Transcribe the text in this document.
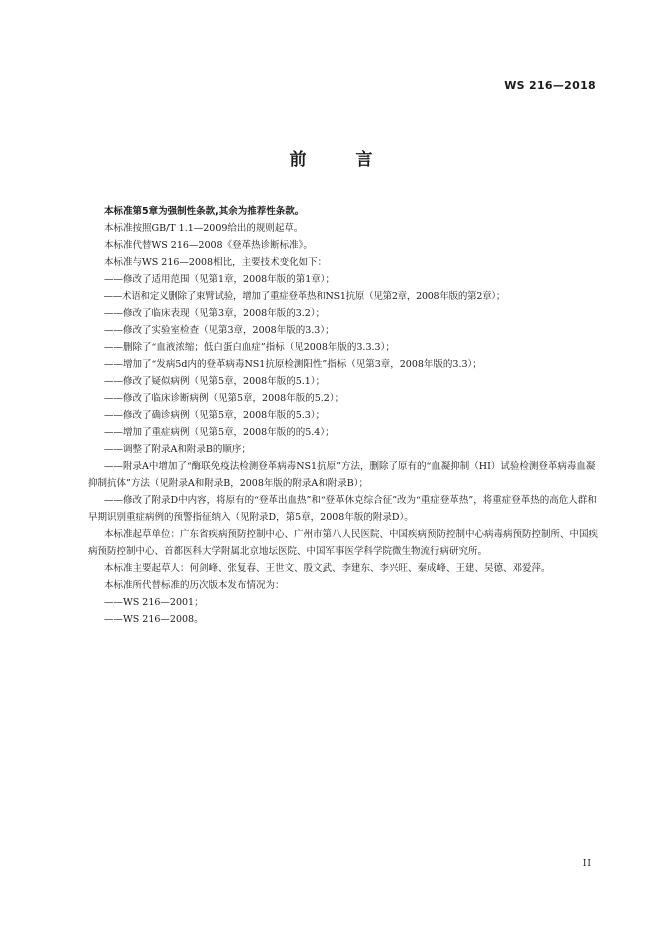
WS 216—2018

前　言

本标准第5章为强制性条款,其余为推荐性条款。

本标准按照GB/T 1.1—2009给出的规则起草。

本标准代替WS 216—2008《登革热诊断标准》。

本标准与WS 216—2008相比，主要技术变化如下：

——修改了适用范围（见第1章，2008年版的第1章）；

——术语和定义删除了束臂试验，增加了重症登革热和NS1抗原（见第2章，2008年版的第2章）；

——修改了临床表现（见第3章，2008年版的3.2）；

——修改了实验室检查（见第3章，2008年版的3.3）；

——删除了“血液浓缩；低白蛋白血症”指标（见2008年版的3.3.3）；

——增加了“发病5d内的登革病毒NS1抗原检测阳性”指标（见第3章，2008年版的3.3）；

——修改了疑似病例（见第5章，2008年版的5.1）；

——修改了临床诊断病例（见第5章，2008年版的5.2）；

——修改了确诊病例（见第5章，2008年版的5.3）；

——增加了重症病例（见第5章，2008年版的的5.4）；

——调整了附录A和附录B的顺序；

——附录A中增加了“酶联免疫法检测登革病毒NS1抗原”方法，删除了原有的“血凝抑制（HI）试验检测登革病毒血凝抑制抗体”方法（见附录A和附录B，2008年版的附录A和附录B）；

——修改了附录D中内容，将原有的“登革出血热”和“登革休克综合征”改为“重症登革热”，将重症登革热的高危人群和早期识别重症病例的预警指征纳入（见附录D，第5章，2008年版的附录D）。

本标准起草单位：广东省疾病预防控制中心、广州市第八人民医院、中国疾病预防控制中心病毒病预防控制所、中国疾病预防控制中心、首都医科大学附属北京地坛医院、中国军事医学科学院微生物流行病研究所。

本标准主要起草人：何剑峰、张复春、王世文、殷文武、李建东、李兴旺、秦成峰、王建、吴德、邓爱萍。

本标准所代替标准的历次版本发布情况为：

——WS 216—2001；

——WS 216—2008。

II
